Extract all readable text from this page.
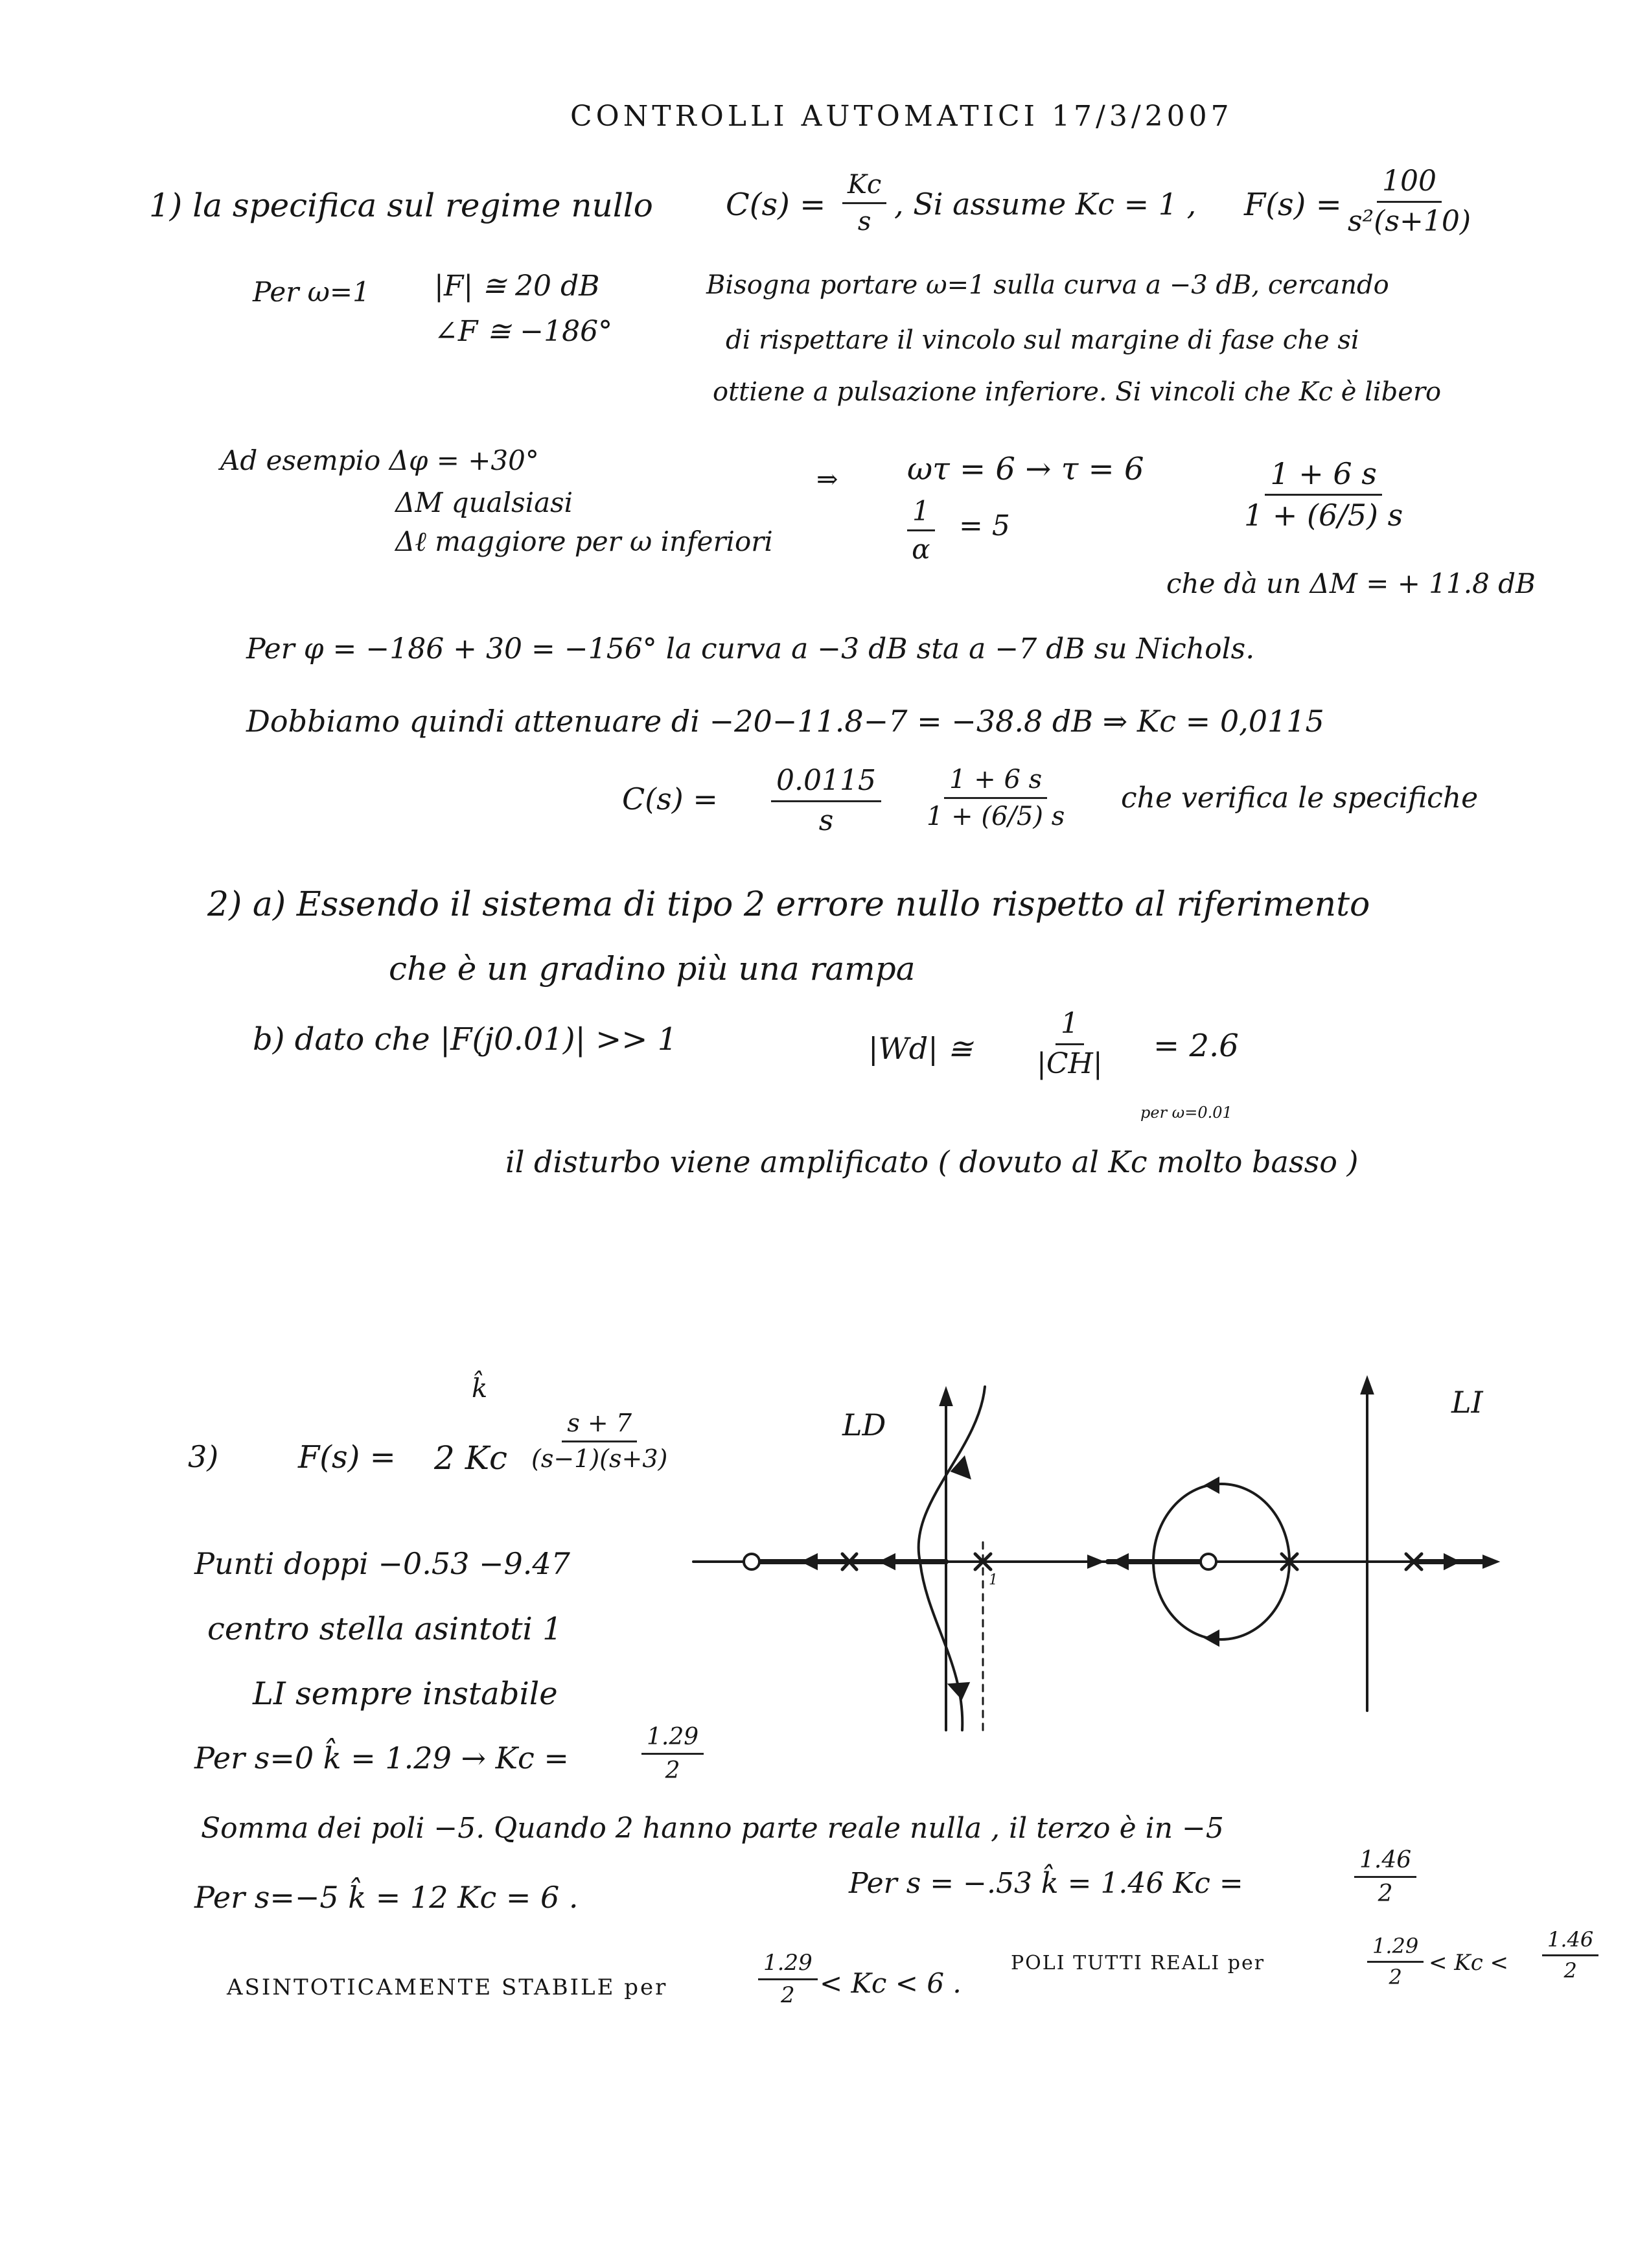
CONTROLLI AUTOMATICI 17/3/2007
1) la specifica sul regime nullo $C(s) = \frac{Kc}{s}$ , Si assume Kc = 1 , $F(s) = \frac{100}{\text{s²(s+10)}}$
Per ω=1 |F| ≅ 20 dB
∠F ≅ −186°
Bisogna portare ω=1 sulla curva a −3 dB, cercando
di rispettare il vincolo sul margine di fase che si
ottiene a pulsazione inferiore. Si vincoli che Kc è libero
Ad esempio Δφ = +30°
ΔM qualsiasi
Δℓ maggiore per ω inferiori
⇒ ωτ = 6 → τ = 6
$\frac{1}{\alpha} = 5$	$\frac{1 + 6 s}{1 + (6/5) s}$
che dà un ΔM = + 11.8 dB
Per φ = −186 + 30 = −156° la curva a −3 dB sta a −7 dB su Nichols.
Dobbiamo quindi attenuare di −20−11.8−7 = −38.8 dB ⇒ Kc = 0,0115
$C(s) = \frac{0.0115}{s} \frac{1 + 6 s}{1 + (6/5) s}$ che verifica le specifiche
2) a) Essendo il sistema di tipo 2 errore nullo rispetto al riferimento
che è un gradino più una rampa
b) dato che |F(j0.01)| >> 1	|Wd| ≅ $\frac{1}{|CH|} = 2.6$
per ω=0.01
il disturbo viene amplificato ( dovuto al Kc molto basso )
3)	F(s) =
k̂
2 Kc $\frac{s + 7}{(s-1)(s+3)}$	LD
LI
1
Punti doppi −0.53 −9.47
centro stella asintoti 1
LI sempre instabile
Per s=0 k̂ = 1.29 → Kc =	$\frac{1.29}{2}$
Somma dei poli −5. Quando 2 hanno parte reale nulla , il terzo è in −5
Per s=−5 k̂ = 12 Kc = 6 .	Per s = −.53 k̂ = 1.46 Kc =	$\frac{1.46}{2}$
ASINTOTICAMENTE STABILE per	$\frac{1.29}{2} < Kc < 6$ .
POLI TUTTI REALI per	$\frac{1.29}{2} < Kc < \frac{1.46}{2}$
